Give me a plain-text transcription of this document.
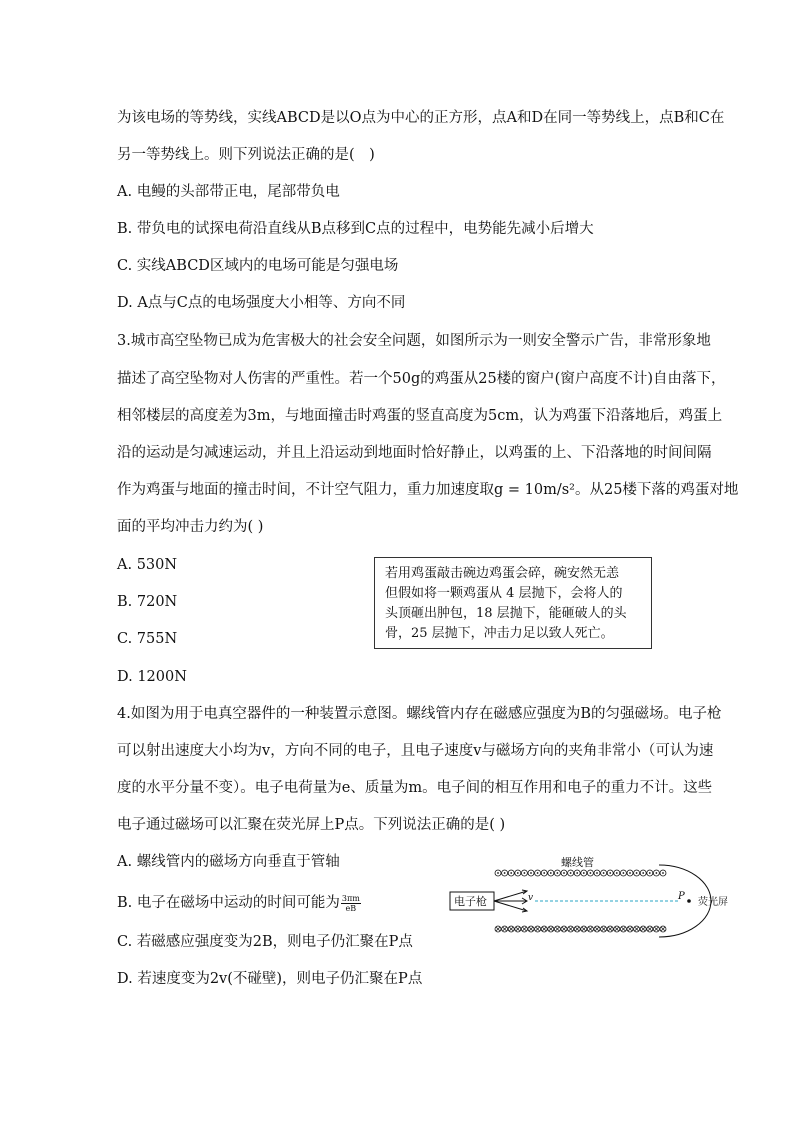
为该电场的等势线，实线ABCD是以O点为中心的正方形，点A和D在同一等势线上，点B和C在
另一等势线上。则下列说法正确的是(　)
A. 电鳗的头部带正电，尾部带负电
B. 带负电的试探电荷沿直线从B点移到C点的过程中，电势能先减小后增大
C. 实线ABCD区域内的电场可能是匀强电场
D. A点与C点的电场强度大小相等、方向不同
3.城市高空坠物已成为危害极大的社会安全问题，如图所示为一则安全警示广告，非常形象地
描述了高空坠物对人伤害的严重性。若一个50g的鸡蛋从25楼的窗户(窗户高度不计)自由落下，
相邻楼层的高度差为3m，与地面撞击时鸡蛋的竖直高度为5cm，认为鸡蛋下沿落地后，鸡蛋上
沿的运动是匀减速运动，并且上沿运动到地面时恰好静止，以鸡蛋的上、下沿落地的时间间隔
作为鸡蛋与地面的撞击时间，不计空气阻力，重力加速度取g = 10m/s²。从25楼下落的鸡蛋对地
面的平均冲击力约为( )
A. 530N
B. 720N
C. 755N
D. 1200N
若用鸡蛋敲击碗边鸡蛋会碎，碗安然无恙
但假如将一颗鸡蛋从 4 层抛下，会将人的
头顶砸出肿包，18 层抛下，能砸破人的头
骨，25 层抛下，冲击力足以致人死亡。
4.如图为用于电真空器件的一种装置示意图。螺线管内存在磁感应强度为B的匀强磁场。电子枪
可以射出速度大小均为v，方向不同的电子，且电子速度v与磁场方向的夹角非常小（可认为速
度的水平分量不变）。电子电荷量为e、质量为m。电子间的相互作用和电子的重力不计。这些
电子通过磁场可以汇聚在荧光屏上P点。下列说法正确的是( )
A. 螺线管内的磁场方向垂直于管轴
B. 电子在磁场中运动的时间可能为 $\frac{3\pi m}{eB}$
C. 若磁感应强度变为2B，则电子仍汇聚在P点
D. 若速度变为2v(不碰壁)，则电子仍汇聚在P点
螺线管
电子枪	v	P
荧光屏
